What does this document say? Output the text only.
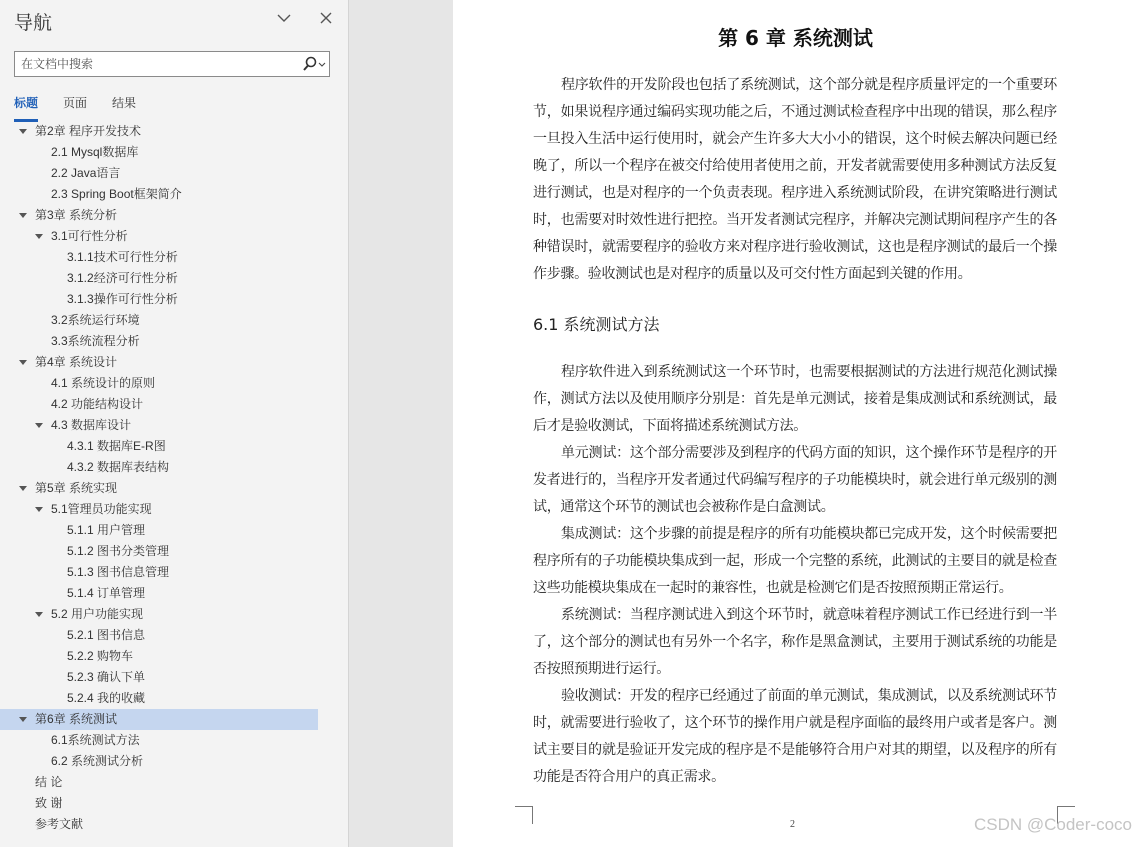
导航
在文档中搜索
标题 页面 结果
第2章 程序开发技术
2.1 Mysql数据库
2.2 Java语言
2.3 Spring Boot框架简介
第3章 系统分析
3.1可行性分析
3.1.1技术可行性分析
3.1.2经济可行性分析
3.1.3操作可行性分析
3.2系统运行环境
3.3系统流程分析
第4章 系统设计
4.1 系统设计的原则
4.2 功能结构设计
4.3 数据库设计
4.3.1 数据库E-R图
4.3.2 数据库表结构
第5章 系统实现
5.1管理员功能实现
5.1.1 用户管理
5.1.2 图书分类管理
5.1.3 图书信息管理
5.1.4 订单管理
5.2 用户功能实现
5.2.1 图书信息
5.2.2 购物车
5.2.3 确认下单
5.2.4 我的收藏
第6章 系统测试
6.1系统测试方法
6.2 系统测试分析
结 论
致 谢
参考文献
第 6 章 系统测试
程序软件的开发阶段也包括了系统测试，这个部分就是程序质量评定的一个重要环节，如果说程序通过编码实现功能之后，不通过测试检查程序中出现的错误，那么程序一旦投入生活中运行使用时，就会产生许多大大小小的错误，这个时候去解决问题已经晚了，所以一个程序在被交付给使用者使用之前，开发者就需要使用多种测试方法反复进行测试，也是对程序的一个负责表现。程序进入系统测试阶段，在讲究策略进行测试时，也需要对时效性进行把控。当开发者测试完程序，并解决完测试期间程序产生的各种错误时，就需要程序的验收方来对程序进行验收测试，这也是程序测试的最后一个操作步骤。验收测试也是对程序的质量以及可交付性方面起到关键的作用。
6.1 系统测试方法
程序软件进入到系统测试这一个环节时，也需要根据测试的方法进行规范化测试操作，测试方法以及使用顺序分别是：首先是单元测试，接着是集成测试和系统测试，最后才是验收测试，下面将描述系统测试方法。
单元测试：这个部分需要涉及到程序的代码方面的知识，这个操作环节是程序的开发者进行的，当程序开发者通过代码编写程序的子功能模块时，就会进行单元级别的测试，通常这个环节的测试也会被称作是白盒测试。
集成测试：这个步骤的前提是程序的所有功能模块都已完成开发，这个时候需要把程序所有的子功能模块集成到一起，形成一个完整的系统，此测试的主要目的就是检查这些功能模块集成在一起时的兼容性，也就是检测它们是否按照预期正常运行。
系统测试：当程序测试进入到这个环节时，就意味着程序测试工作已经进行到一半了，这个部分的测试也有另外一个名字，称作是黑盒测试，主要用于测试系统的功能是否按照预期进行运行。
验收测试：开发的程序已经通过了前面的单元测试，集成测试，以及系统测试环节时，就需要进行验收了，这个环节的操作用户就是程序面临的最终用户或者是客户。测试主要目的就是验证开发完成的程序是不是能够符合用户对其的期望，以及程序的所有功能是否符合用户的真正需求。
2	CSDN @Coder-coco
